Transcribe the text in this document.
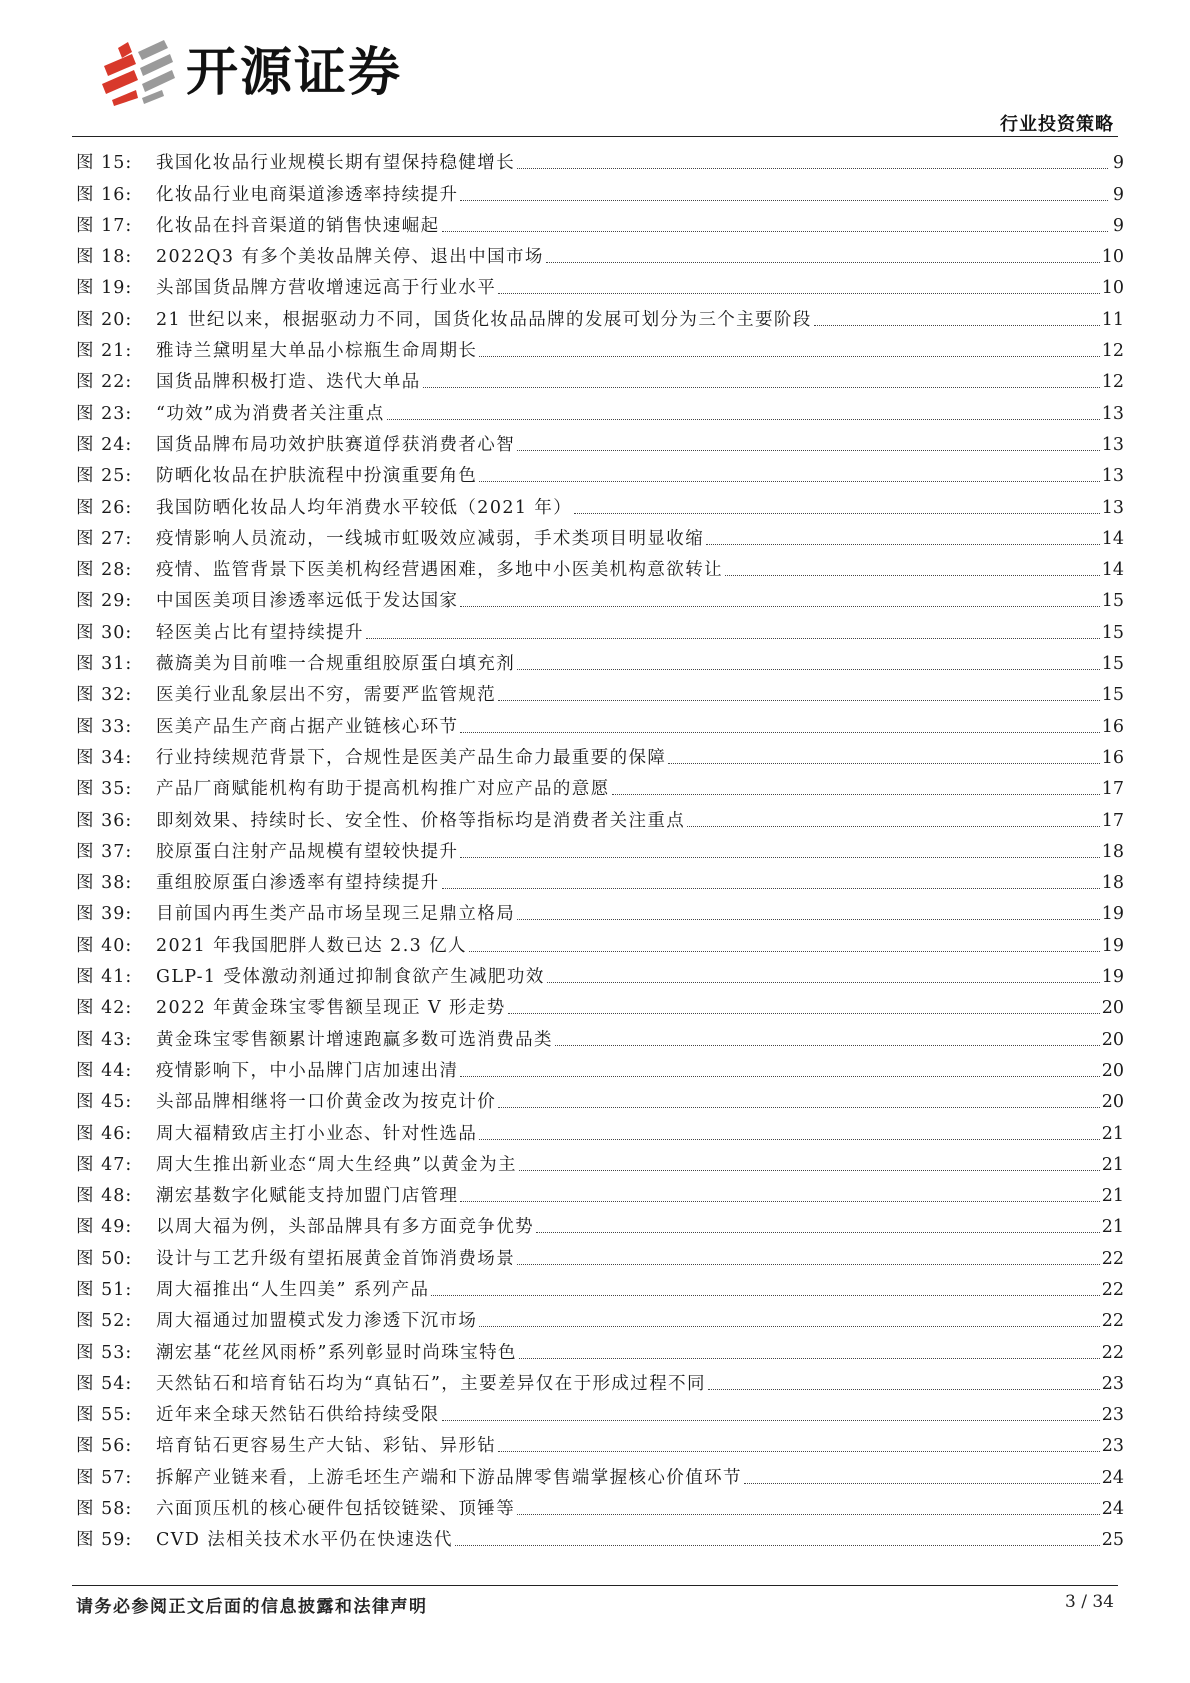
开源证券
行业投资策略
图 15:	我国化妆品行业规模长期有望保持稳健增长	9
图 16:	化妆品行业电商渠道渗透率持续提升	9
图 17:	化妆品在抖音渠道的销售快速崛起	9
图 18:	2022Q3 有多个美妆品牌关停、退出中国市场	10
图 19:	头部国货品牌方营收增速远高于行业水平	10
图 20:	21 世纪以来，根据驱动力不同，国货化妆品品牌的发展可划分为三个主要阶段	11
图 21:	雅诗兰黛明星大单品小棕瓶生命周期长	12
图 22:	国货品牌积极打造、迭代大单品	12
图 23:	“功效”成为消费者关注重点	13
图 24:	国货品牌布局功效护肤赛道俘获消费者心智	13
图 25:	防晒化妆品在护肤流程中扮演重要角色	13
图 26:	我国防晒化妆品人均年消费水平较低（2021 年）	13
图 27:	疫情影响人员流动，一线城市虹吸效应减弱，手术类项目明显收缩	14
图 28:	疫情、监管背景下医美机构经营遇困难，多地中小医美机构意欲转让	14
图 29:	中国医美项目渗透率远低于发达国家	15
图 30:	轻医美占比有望持续提升	15
图 31:	薇旖美为目前唯一合规重组胶原蛋白填充剂	15
图 32:	医美行业乱象层出不穷，需要严监管规范	15
图 33:	医美产品生产商占据产业链核心环节	16
图 34:	行业持续规范背景下，合规性是医美产品生命力最重要的保障	16
图 35:	产品厂商赋能机构有助于提高机构推广对应产品的意愿	17
图 36:	即刻效果、持续时长、安全性、价格等指标均是消费者关注重点	17
图 37:	胶原蛋白注射产品规模有望较快提升	18
图 38:	重组胶原蛋白渗透率有望持续提升	18
图 39:	目前国内再生类产品市场呈现三足鼎立格局	19
图 40:	2021 年我国肥胖人数已达 2.3 亿人	19
图 41:	GLP-1 受体激动剂通过抑制食欲产生减肥功效	19
图 42:	2022 年黄金珠宝零售额呈现正 V 形走势	20
图 43:	黄金珠宝零售额累计增速跑赢多数可选消费品类	20
图 44:	疫情影响下，中小品牌门店加速出清	20
图 45:	头部品牌相继将一口价黄金改为按克计价	20
图 46:	周大福精致店主打小业态、针对性选品	21
图 47:	周大生推出新业态“周大生经典”以黄金为主	21
图 48:	潮宏基数字化赋能支持加盟门店管理	21
图 49:	以周大福为例，头部品牌具有多方面竞争优势	21
图 50:	设计与工艺升级有望拓展黄金首饰消费场景	22
图 51:	周大福推出“人生四美” 系列产品	22
图 52:	周大福通过加盟模式发力渗透下沉市场	22
图 53:	潮宏基“花丝风雨桥”系列彰显时尚珠宝特色	22
图 54:	天然钻石和培育钻石均为“真钻石”，主要差异仅在于形成过程不同	23
图 55:	近年来全球天然钻石供给持续受限	23
图 56:	培育钻石更容易生产大钻、彩钻、异形钻	23
图 57:	拆解产业链来看，上游毛坯生产端和下游品牌零售端掌握核心价值环节	24
图 58:	六面顶压机的核心硬件包括铰链梁、顶锤等	24
图 59:	CVD 法相关技术水平仍在快速迭代	25
请务必参阅正文后面的信息披露和法律声明	3 / 34
